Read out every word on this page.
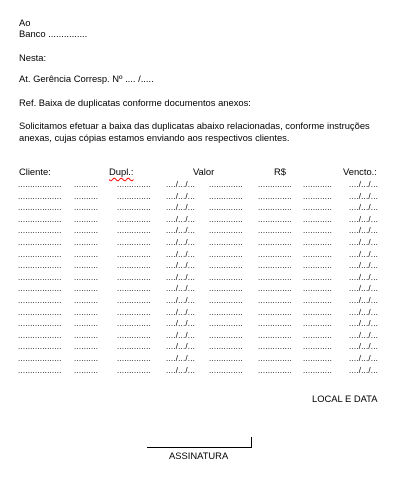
Ao
Banco ...............
Nesta:
At. Gerência Corresp. Nº .... /.....
Ref. Baixa de duplicatas conforme documentos anexos:
Solicitamos efetuar a baixa das duplicatas abaixo relacionadas, conforme instruções
anexas, cujas cópias estamos enviando aos respectivos clientes.
Cliente:	Dupl.:	Valor	R$	Vencto.:
.................. .......... .............. ..../.../... .............. .............. ............ ..../.../...
.................. .......... .............. ..../.../... .............. .............. ............ ..../.../...
.................. .......... .............. ..../.../... .............. .............. ............ ..../.../...
.................. .......... .............. ..../.../... .............. .............. ............ ..../.../...
.................. .......... .............. ..../.../... .............. .............. ............ ..../.../...
.................. .......... .............. ..../.../... .............. .............. ............ ..../.../...
.................. .......... .............. ..../.../... .............. .............. ............ ..../.../...
.................. .......... .............. ..../.../... .............. .............. ............ ..../.../...
.................. .......... .............. ..../.../... .............. .............. ............ ..../.../...
.................. .......... .............. ..../.../... .............. .............. ............ ..../.../...
.................. .......... .............. ..../.../... .............. .............. ............ ..../.../...
.................. .......... .............. ..../.../... .............. .............. ............ ..../.../...
.................. .......... .............. ..../.../... .............. .............. ............ ..../.../...
.................. .......... .............. ..../.../... .............. .............. ............ ..../.../...
.................. .......... .............. ..../.../... .............. .............. ............ ..../.../...
.................. .......... .............. ..../.../... .............. .............. ............ ..../.../...
.................. .......... .............. ..../.../... .............. .............. ............ ..../.../...
LOCAL E DATA
ASSINATURA
